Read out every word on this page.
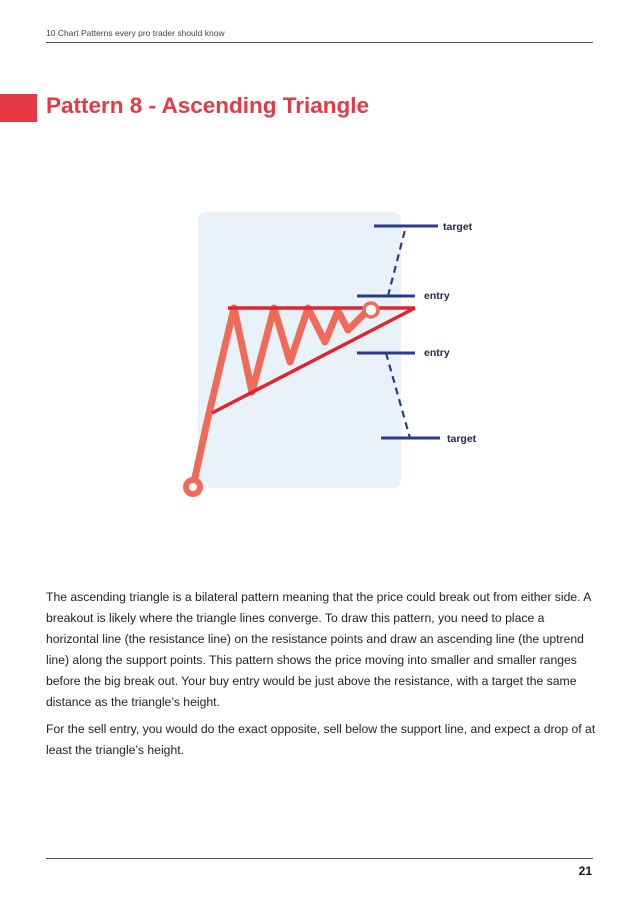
10 Chart Patterns every pro trader should know
Pattern 8 - Ascending Triangle
target
entry
entry
target

The ascending triangle is a bilateral pattern meaning that the price could break out from either side. A breakout is likely where the triangle lines converge. To draw this pattern, you need to place a horizontal line (the resistance line) on the resistance points and draw an ascending line (the uptrend line) along the support points. This pattern shows the price moving into smaller and smaller ranges before the big break out. Your buy entry would be just above the resistance, with a target the same distance as the triangle’s height.

For the sell entry, you would do the exact opposite, sell below the support line, and expect a drop of at least the triangle’s height.

21
